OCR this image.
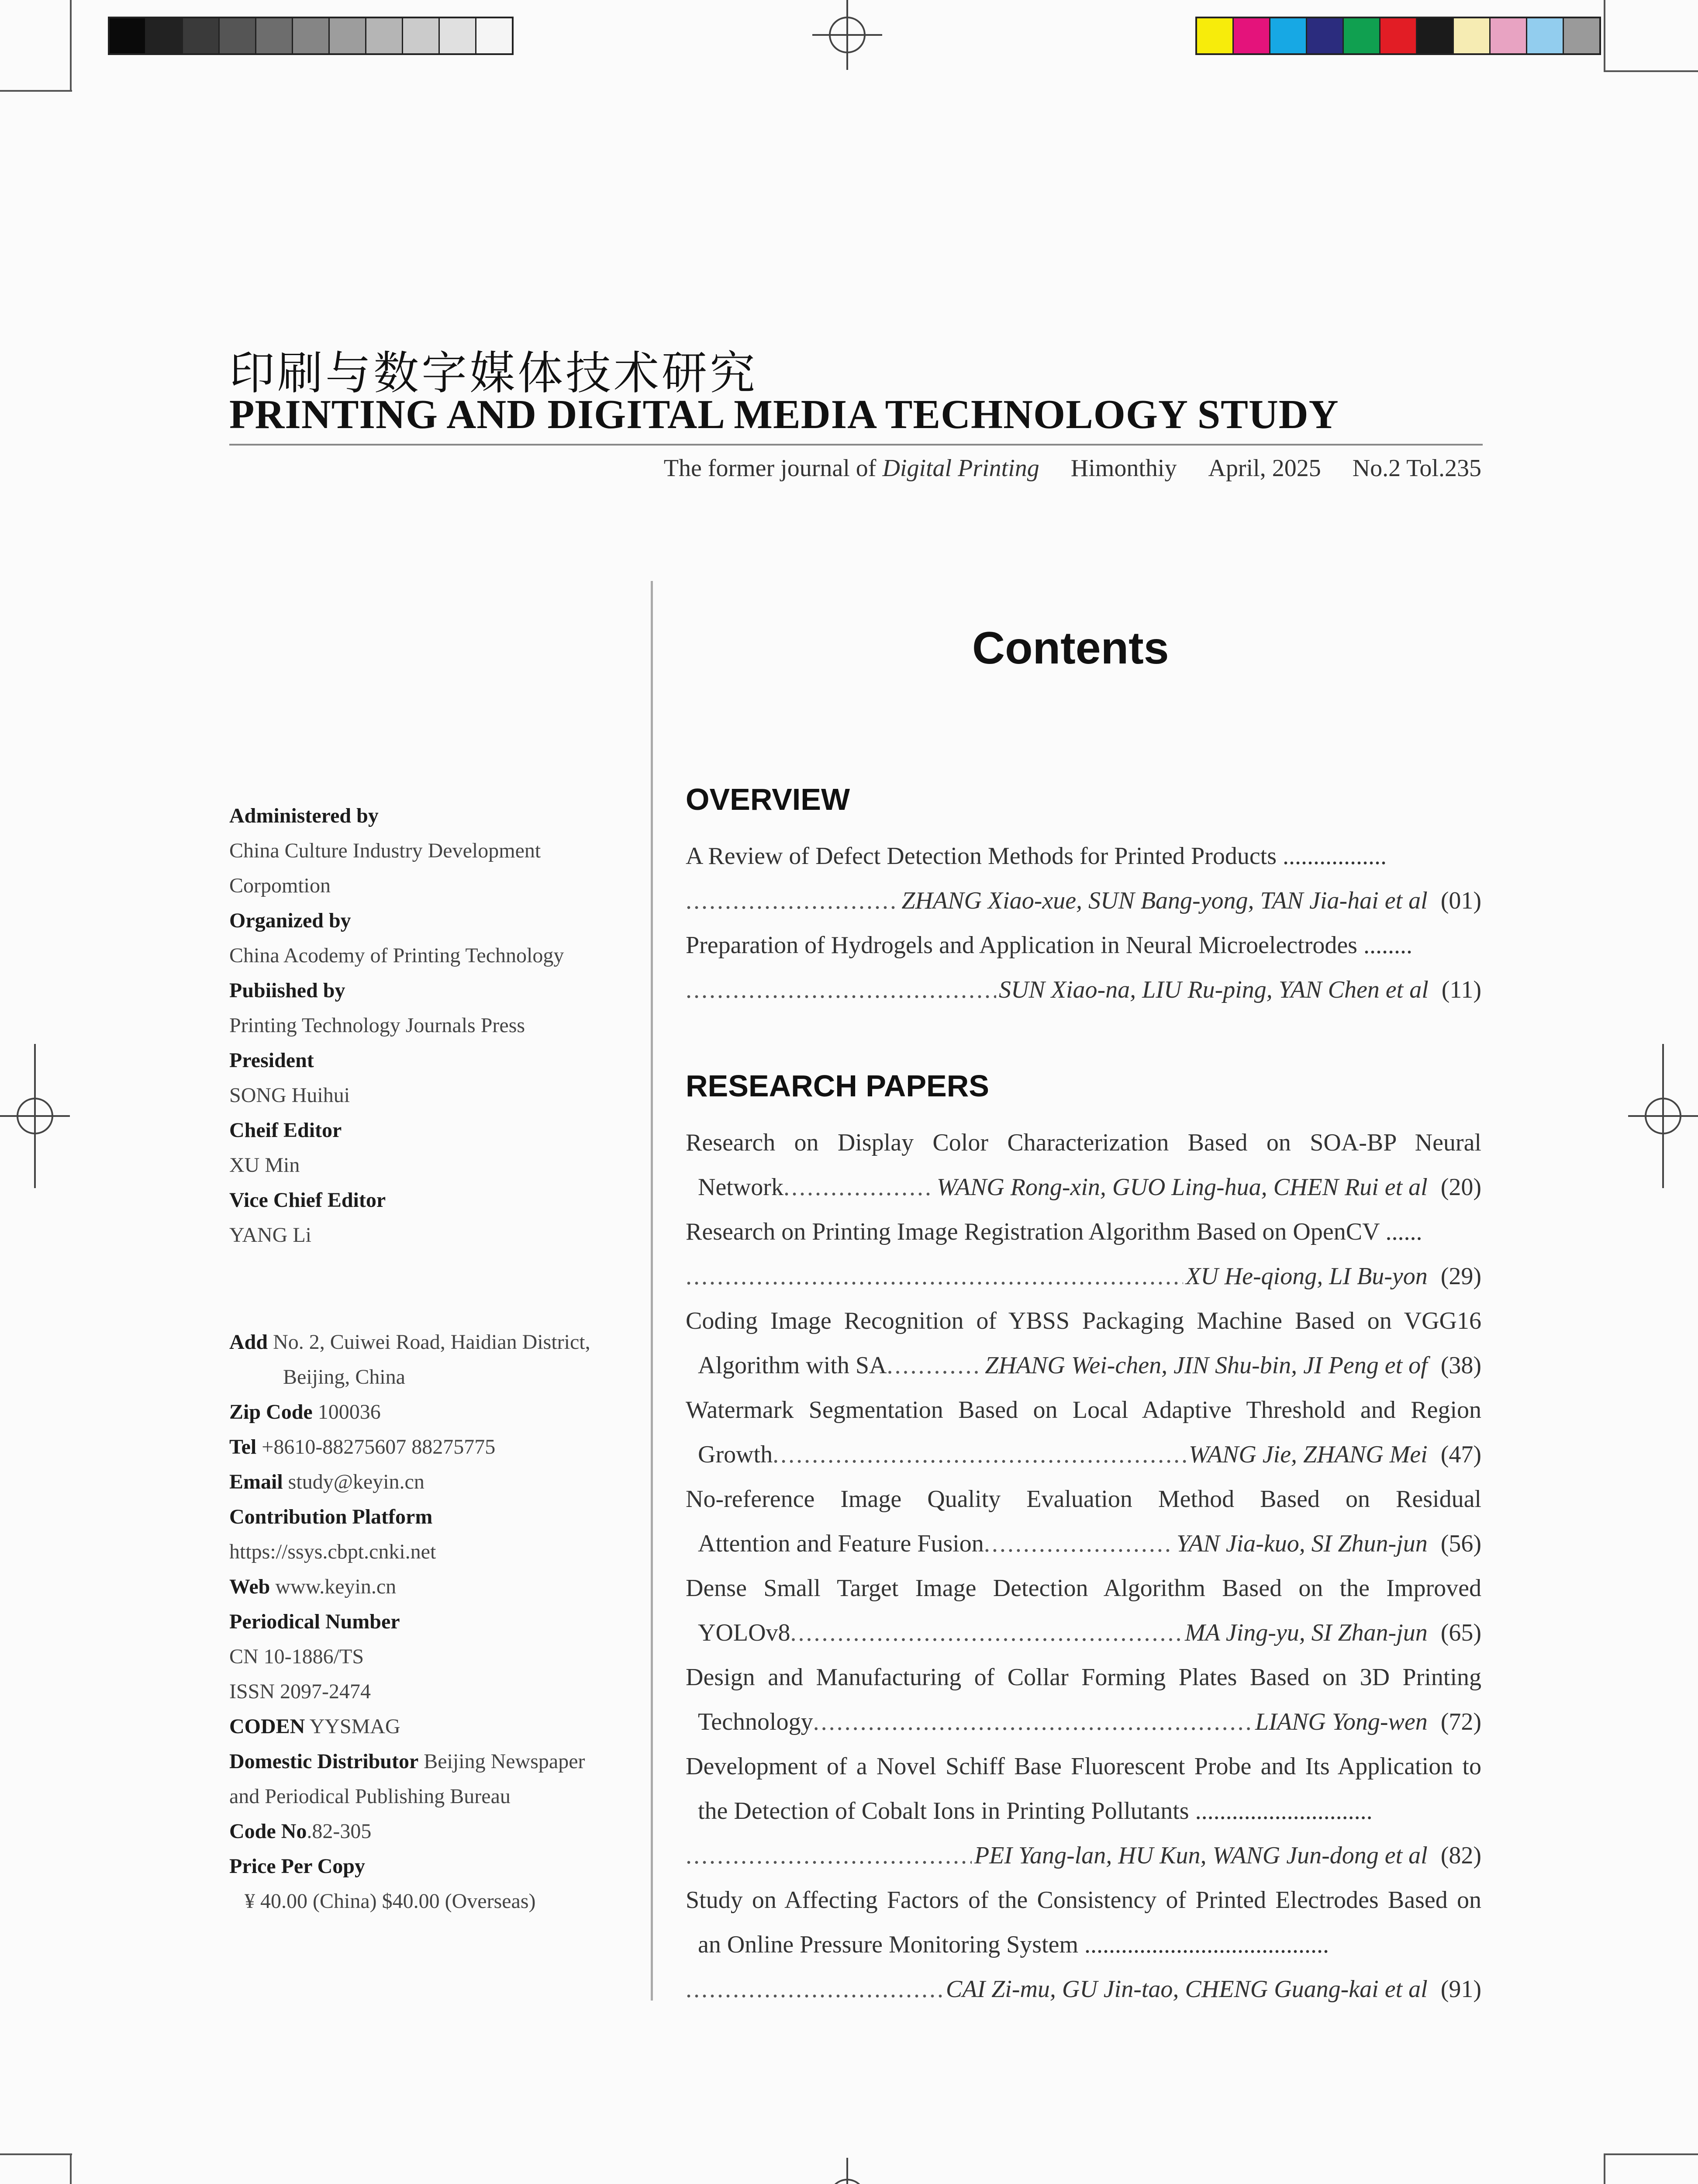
印刷与数字媒体技术研究
PRINTING AND DIGITAL MEDIA TECHNOLOGY STUDY
The former journal of Digital Printing Himonthiy April, 2025 No.2 Tol.235
Contents
OVERVIEW
A Review of Defect Detection Methods for Printed Products .................
.....
ZHANG Xiao-xue, SUN Bang-yong, TAN Jia-hai et al (01)
Preparation of Hydrogels and Application in Neural Microelectrodes ........
.....
SUN Xiao-na, LIU Ru-ping, YAN Chen et al (11)
RESEARCH PAPERS
Research on Display Color Characterization Based on SOA-BP Neural
Network .....	WANG Rong-xin, GUO Ling-hua, CHEN Rui et al (20)
Research on Printing Image Registration Algorithm Based on OpenCV ......
.....
XU He-qiong, LI Bu-yon (29)
Coding Image Recognition of YBSS Packaging Machine Based on VGG16
Algorithm with SA .....	ZHANG Wei-chen, JIN Shu-bin, JI Peng et of (38)
Watermark Segmentation Based on Local Adaptive Threshold and Region
Growth .....	WANG Jie, ZHANG Mei (47)
No-reference Image Quality Evaluation Method Based on Residual
Attention and Feature Fusion .....	YAN Jia-kuo, SI Zhun-jun (56)
Dense Small Target Image Detection Algorithm Based on the Improved
YOLOv8 .....	MA Jing-yu, SI Zhan-jun (65)
Design and Manufacturing of Collar Forming Plates Based on 3D Printing
Technology .....	LIANG Yong-wen (72)
Development of a Novel Schiff Base Fluorescent Probe and Its Application to
the Detection of Cobalt Ions in Printing Pollutants .............................
.....
PEI Yang-lan, HU Kun, WANG Jun-dong et al (82)
Study on Affecting Factors of the Consistency of Printed Electrodes Based on
an Online Pressure Monitoring System ........................................
.....
CAI Zi-mu, GU Jin-tao, CHENG Guang-kai et al (91)
Administered by
China Culture Industry Development
Corpomtion
Organized by
China Acodemy of Printing Technology
Pubiished by
Printing Technology Journals Press
President
SONG Huihui
Cheif Editor
XU Min
Vice Chief Editor
YANG Li
Add No. 2, Cuiwei Road, Haidian District,
Beijing, China
Zip Code 100036
Tel +8610-88275607 88275775
Email study@keyin.cn
Contribution Platform
https://ssys.cbpt.cnki.net
Web www.keyin.cn
Periodical Number
CN 10-1886/TS
ISSN 2097-2474
CODEN YYSMAG
Domestic Distributor Beijing Newspaper
and Periodical Publishing Bureau
Code No.82-305
Price Per Copy
¥ 40.00 (China) $40.00 (Overseas)
